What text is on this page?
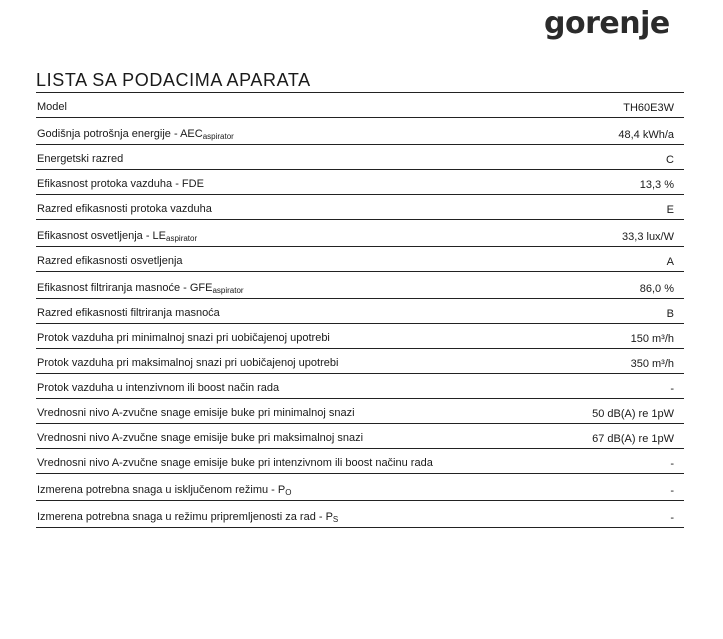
gorenje
LISTA SA PODACIMA APARATA
Model	TH60E3W
Godišnja potrošnja energije - $AEC_{aspirator}$	48,4 kWh/a
Energetski razred	C
Efikasnost protoka vazduha - FDE	13,3 %
Razred efikasnosti protoka vazduha	E
Efikasnost osvetljenja - $LE_{aspirator}$	33,3 lux/W
Razred efikasnosti osvetljenja	A
Efikasnost filtriranja masnoće - $GFE_{aspirator}$	86,0 %
Razred efikasnosti filtriranja masnoća	B
Protok vazduha pri minimalnoj snazi pri uobičajenoj upotrebi	150 m³/h
Protok vazduha pri maksimalnoj snazi pri uobičajenoj upotrebi	350 m³/h
Protok vazduha u intenzivnom ili boost način rada	-
Vrednosni nivo A-zvučne snage emisije buke pri minimalnoj snazi	50 dB(A) re 1pW
Vrednosni nivo A-zvučne snage emisije buke pri maksimalnoj snazi	67 dB(A) re 1pW
Vrednosni nivo A-zvučne snage emisije buke pri intenzivnom ili boost načinu rada	-
Izmerena potrebna snaga u isključenom režimu - $P_O$	-
Izmerena potrebna snaga u režimu pripremljenosti za rad - $P_S$	-
